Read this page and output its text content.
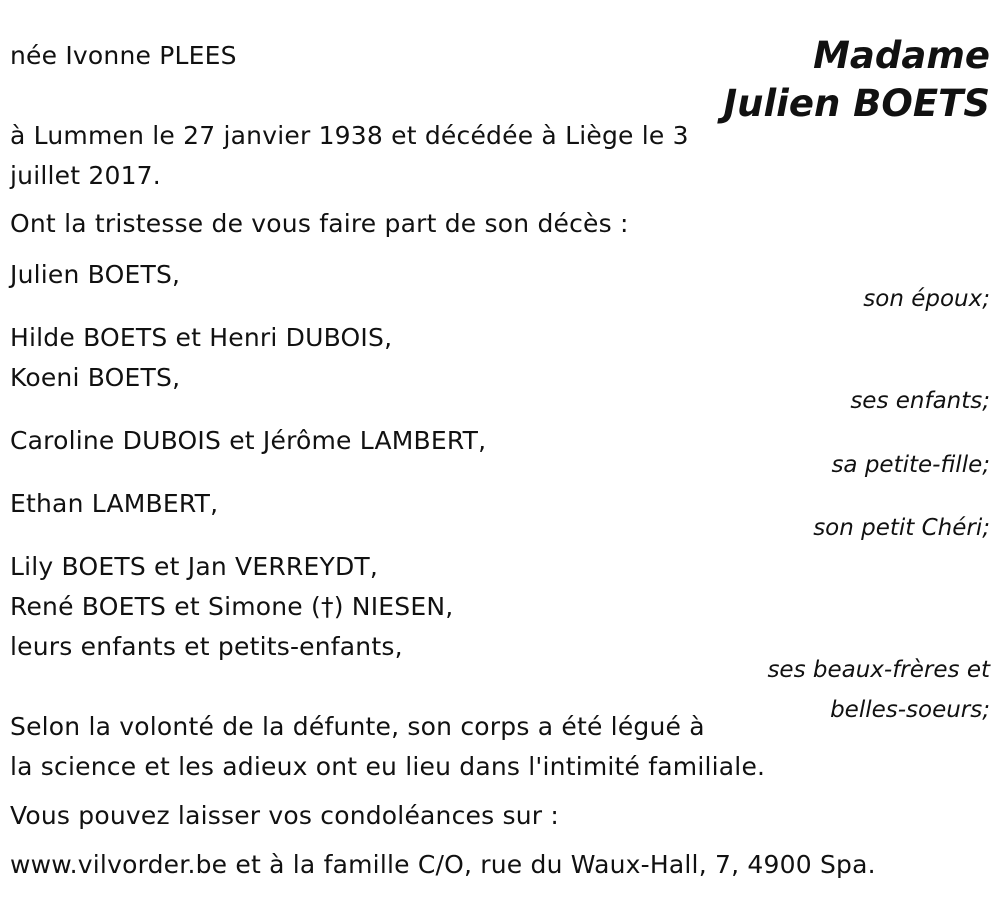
Madame
Julien BOETS
née Ivonne PLEES
à Lummen le 27 janvier 1938 et décédée à Liège le 3
juillet 2017.
Ont la tristesse de vous faire part de son décès :
Julien BOETS,
son époux;
Hilde BOETS et Henri DUBOIS,
Koeni BOETS,
ses enfants;
Caroline DUBOIS et Jérôme LAMBERT,
sa petite-fille;
Ethan LAMBERT,
son petit Chéri;
Lily BOETS et Jan VERREYDT,
René BOETS et Simone (†) NIESEN,
leurs enfants et petits-enfants,
ses beaux-frères et
belles-soeurs;
Selon la volonté de la défunte, son corps a été légué à
la science et les adieux ont eu lieu dans l'intimité familiale.
Vous pouvez laisser vos condoléances sur :
www.vilvorder.be et à la famille C/O, rue du Waux-Hall, 7, 4900 Spa.
